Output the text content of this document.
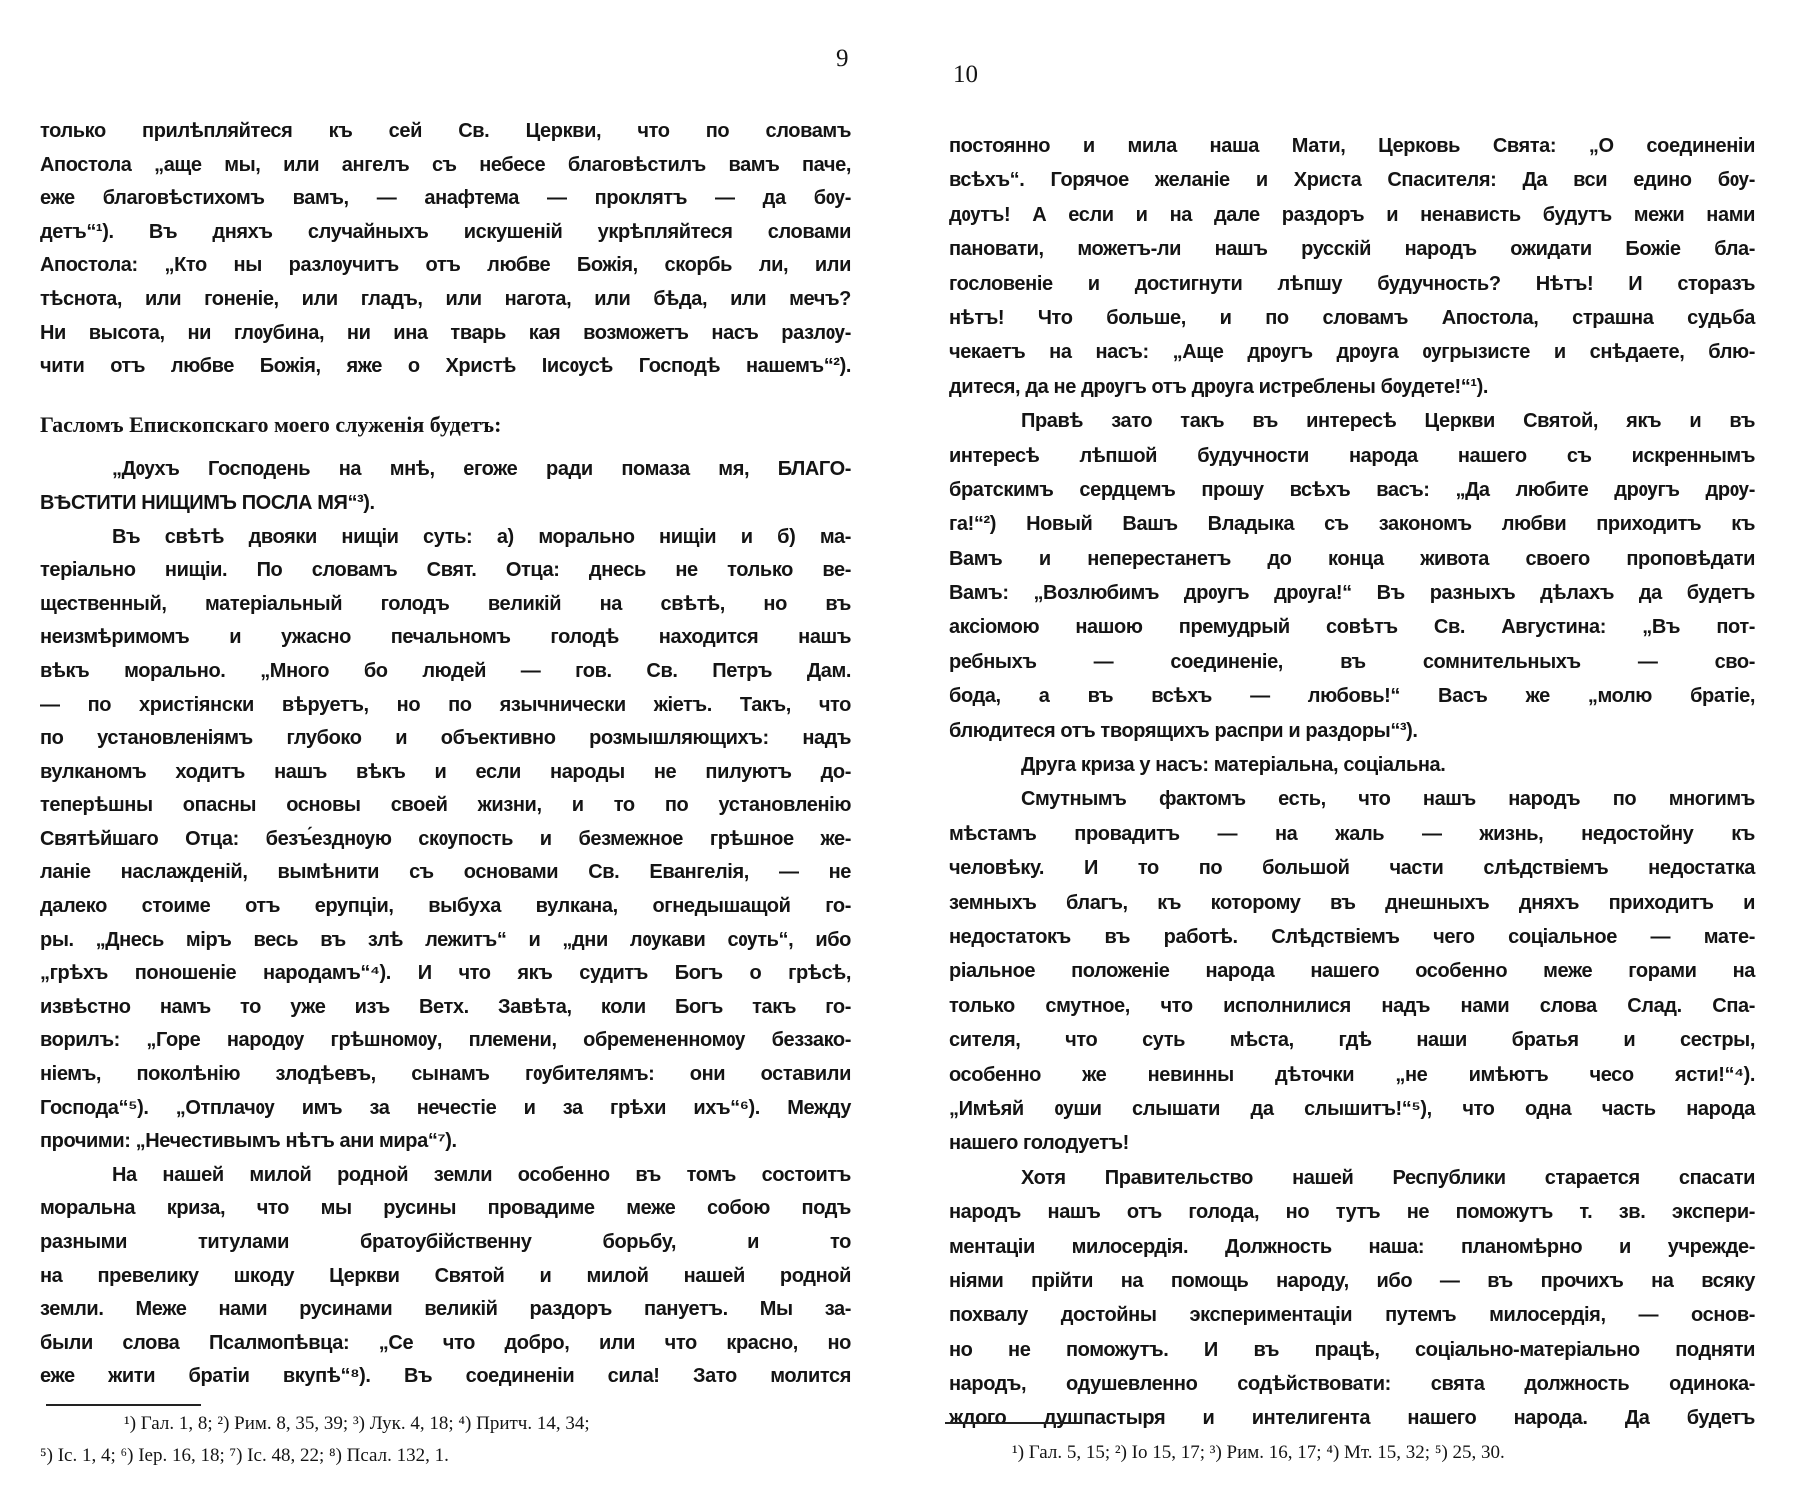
9
10
только прилѣпляйтеся къ сей Св. Церкви, что по словамъ
Апостола „аще мы, или ангелъ съ небесе благовѣстилъ вамъ паче,
еже благовѣстихомъ вамъ, — анафтема — проклятъ — да бѹ-
детъ“¹). Въ дняхъ случайныхъ искушеній укрѣпляйтеся словами
Апостола: „Кто ны разлѹчитъ отъ любве Божія, скорбь ли, или
тѣснота, или гоненіе, или гладъ, или нагота, или бѣда, или мечъ?
Ни высота, ни глѹбина, ни ина тварь кая возможетъ насъ разлѹ-
чити отъ любве Божія, яже о Христѣ Іисѹсѣ Господѣ нашемъ“²).
Гасломъ Епископскаго моего служенія будетъ:
„Дѹхъ Господень на мнѣ, егоже ради помаза мя, БЛАГО-
ВѢСТИТИ НИЩИМЪ ПОСЛА МЯ“³).
Въ свѣтѣ двояки нищіи суть: а) морально нищіи и б) ма-
теріально нищіи. По словамъ Свят. Отца: днесь не только ве-
щественный, матеріальный голодъ великій на свѣтѣ, но въ
неизмѣримомъ и ужасно печальномъ голодѣ находится нашъ
вѣкъ морально. „Много бо людей — гов. Св. Петръ Дам.
— по христіянски вѣруетъ, но по язычнически жіетъ. Такъ, что
по установленіямъ глубоко и объективно розмышляющихъ: надъ
вулканомъ ходитъ нашъ вѣкъ и если народы не пилуютъ до-
теперѣшны опасны основы своей жизни, и то по установленію
Святѣйшаго Отца: безъ́езднѹю скѹпость и безмежное грѣшное же-
ланіе наслажденій, вымѣнити съ основами Св. Евангелія, — не
далеко стоиме отъ ерупціи, выбуха вулкана, огнедышащой го-
ры. „Днесь міръ весь въ злѣ лежитъ“ и „дни лѹкави сѹть“, ибо
„грѣхъ поношеніе народамъ“⁴). И что якъ судитъ Богъ о грѣсѣ,
извѣстно намъ то уже изъ Ветх. Завѣта, коли Богъ такъ го-
ворилъ: „Горе народѹ грѣшномѹ, племени, обремененномѹ беззако-
ніемъ, поколѣнію злодѣевъ, сынамъ гѹбителямъ: они оставили
Господа“⁵). „Отплачѹ имъ за нечестіе и за грѣхи ихъ“⁶). Между
прочими: „Нечестивымъ нѣтъ ани мира“⁷).
На нашей милой родной земли особенно въ томъ состоитъ
моральна криза, что мы русины провадиме меже собою подъ
разными титулами братоубійственну борьбу, и то
на превелику шкоду Церкви Святой и милой нашей родной
земли. Меже нами русинами великій раздоръ пануетъ. Мы за-
были слова Псалмопѣвца: „Се что добро, или что красно, но
еже жити братіи вкупѣ“⁸). Въ соединеніи сила! Зато молится
постоянно и мила наша Мати, Церковь Свята: „О соединеніи
всѣхъ“. Горячое желаніе и Христа Спасителя: Да вси едино бѹ-
дѹтъ! А если и на дале раздоръ и ненависть будутъ межи нами
пановати, можетъ-ли нашъ русскій народъ ожидати Божіе бла-
гословеніе и достигнути лѣпшу будучность? Нѣтъ! И сторазъ
нѣтъ! Что больше, и по словамъ Апостола, страшна судьба
чекаетъ на насъ: „Аще дрѹгъ дрѹга ѹгрызисте и снѣдаете, блю-
дитеся, да не дрѹгъ отъ дрѹга истреблены бѹдете!“¹).
Правѣ зато такъ въ интересѣ Церкви Святой, якъ и въ
интересѣ лѣпшой будучности народа нашего съ искреннымъ
братскимъ сердцемъ прошу всѣхъ васъ: „Да любите дрѹгъ дрѹ-
га!“²) Новый Вашъ Владыка съ закономъ любви приходитъ къ
Вамъ и неперестанетъ до конца живота своего проповѣдати
Вамъ: „Возлюбимъ дрѹгъ дрѹга!“ Въ разныхъ дѣлахъ да будетъ
аксіомою нашою премудрый совѣтъ Св. Августина: „Въ пот-
ребныхъ — соединеніе, въ сомнительныхъ — сво-
бода, а въ всѣхъ — любовь!“ Васъ же „молю братіе,
блюдитеся отъ творящихъ распри и раздоры“³).
Друга криза у насъ: матеріальна, соціальна.
Смутнымъ фактомъ есть, что нашъ народъ по многимъ
мѣстамъ провадитъ — на жаль — жизнь, недостойну къ
человѣку. И то по большой части слѣдствіемъ недостатка
земныхъ благъ, къ которому въ днешныхъ дняхъ приходитъ и
недостатокъ въ работѣ. Слѣдствіемъ чего соціальное — мате-
ріальное положеніе народа нашего особенно меже горами на
только смутное, что исполнилися надъ нами слова Слад. Спа-
сителя, что суть мѣста, гдѣ наши братья и сестры,
особенно же невинны дѣточки „не имѣютъ чесо ясти!“⁴).
„Имѣяй ѹши слышати да слышитъ!“⁵), что одна часть народа
нашего голодуетъ!
Хотя Правительство нашей Республики старается спасати
народъ нашъ отъ голода, но тутъ не поможутъ т. зв. экспери-
ментаціи милосердія. Должность наша: планомѣрно и учрежде-
ніями прійти на помощь народу, ибо — въ прочихъ на всяку
похвалу достойны экспериментаціи путемъ милосердія, — основ-
но не поможутъ. И въ працѣ, соціально-матеріально подняти
народъ, одушевленно содѣйствовати: свята должность одинока-
ждого душпастыря и интелигента нашего народа. Да будетъ
¹) Гал. 1, 8; ²) Рим. 8, 35, 39; ³) Лук. 4, 18; ⁴) Притч. 14, 34;
⁵) Іс. 1, 4; ⁶) Іер. 16, 18; ⁷) Іс. 48, 22; ⁸) Псал. 132, 1.	¹) Гал. 5, 15; ²) Іо 15, 17; ³) Рим. 16, 17; ⁴) Мт. 15, 32; ⁵) 25, 30.
